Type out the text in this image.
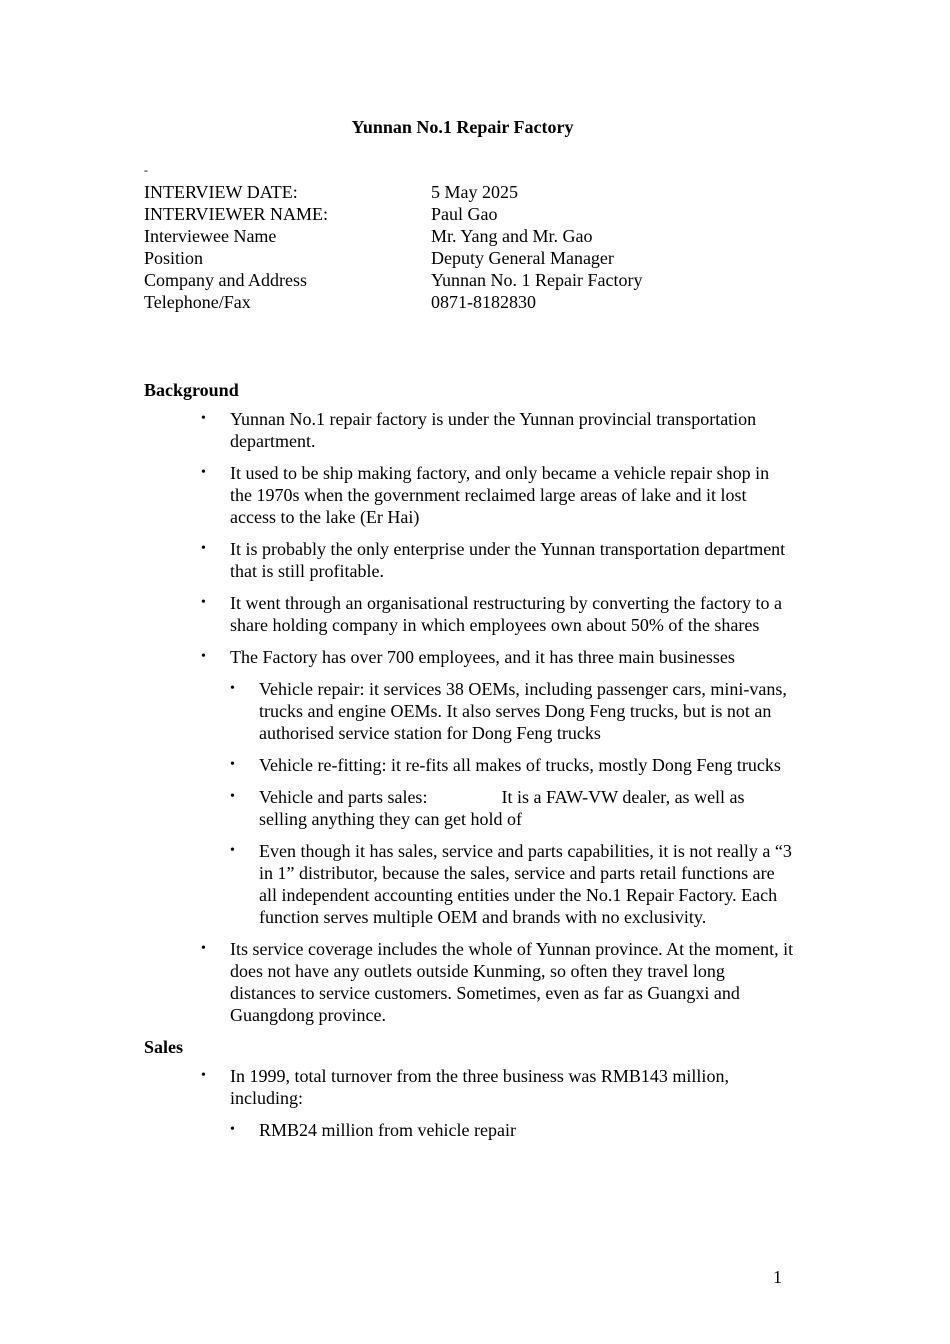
Yunnan No.1 Repair Factory
-
INTERVIEW DATE:	5 May 2025
INTERVIEWER NAME:	Paul Gao
Interviewee Name	Mr. Yang and Mr. Gao
Position	Deputy General Manager
Company and Address	Yunnan No. 1 Repair Factory
Telephone/Fax	0871-8182830
Background
• Yunnan No.1 repair factory is under the Yunnan provincial transportation department.
• It used to be ship making factory, and only became a vehicle repair shop in the 1970s when the government reclaimed large areas of lake and it lost access to the lake (Er Hai)
• It is probably the only enterprise under the Yunnan transportation department that is still profitable.
• It went through an organisational restructuring by converting the factory to a share holding company in which employees own about 50% of the shares
• The Factory has over 700 employees, and it has three main businesses
• Vehicle repair: it services 38 OEMs, including passenger cars, mini-vans, trucks and engine OEMs. It also serves Dong Feng trucks, but is not an authorised service station for Dong Feng trucks
• Vehicle re-fitting: it re-fits all makes of trucks, mostly Dong Feng trucks
• Vehicle and parts sales:	It is a FAW-VW dealer, as well as selling anything they can get hold of
• Even though it has sales, service and parts capabilities, it is not really a “3 in 1” distributor, because the sales, service and parts retail functions are all independent accounting entities under the No.1 Repair Factory. Each function serves multiple OEM and brands with no exclusivity.
• Its service coverage includes the whole of Yunnan province. At the moment, it does not have any outlets outside Kunming, so often they travel long distances to service customers. Sometimes, even as far as Guangxi and Guangdong province.
Sales
• In 1999, total turnover from the three business was RMB143 million, including:
• RMB24 million from vehicle repair
1
